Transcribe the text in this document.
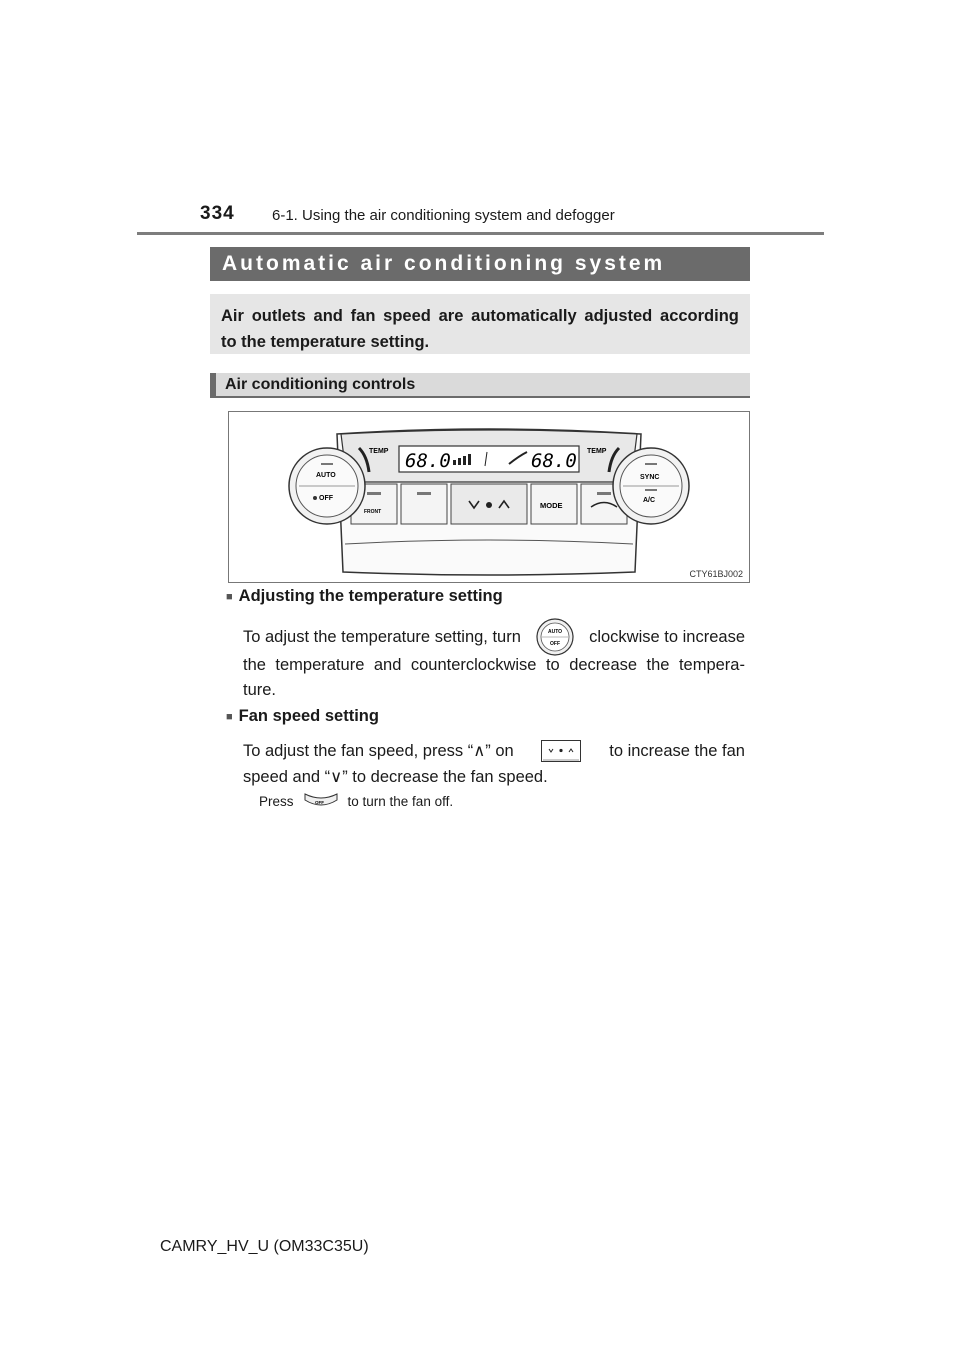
334 6-1. Using the air conditioning system and defogger
Automatic air conditioning system
Air outlets and fan speed are automatically adjusted according
to the temperature setting.
Air conditioning controls
TEMP	TEMP
68.0	68.0
FRONT
MODE
AUTO
OFF
SYNC
A/C
CTY61BJ002
■ Adjusting the temperature setting
To adjust the temperature setting, turn	AUTO
OFF clockwise to increase
the temperature and counterclockwise to decrease the tempera-
ture.
■ Fan speed setting
To adjust the fan speed, press “∧” on	to increase the fan
speed and “∨” to decrease the fan speed.
Press	OFF to turn the fan off.
CAMRY_HV_U (OM33C35U)
